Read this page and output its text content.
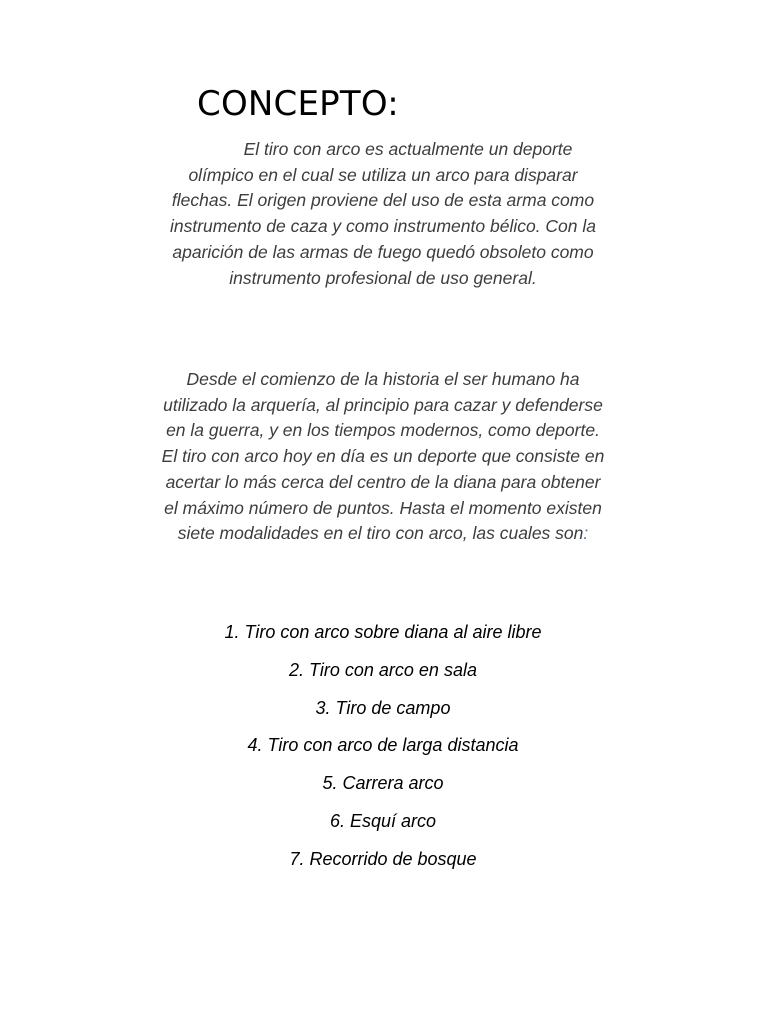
CONCEPTO:

El tiro con arco es actualmente un deporte olímpico en el cual se utiliza un arco para disparar flechas. El origen proviene del uso de esta arma como instrumento de caza y como instrumento bélico. Con la aparición de las armas de fuego quedó obsoleto como instrumento profesional de uso general.

Desde el comienzo de la historia el ser humano ha utilizado la arquería, al principio para cazar y defenderse en la guerra, y en los tiempos modernos, como deporte. El tiro con arco hoy en día es un deporte que consiste en acertar lo más cerca del centro de la diana para obtener el máximo número de puntos. Hasta el momento existen siete modalidades en el tiro con arco, las cuales son:

1. Tiro con arco sobre diana al aire libre
2. Tiro con arco en sala
3. Tiro de campo
4. Tiro con arco de larga distancia
5. Carrera arco
6. Esquí arco
7. Recorrido de bosque
